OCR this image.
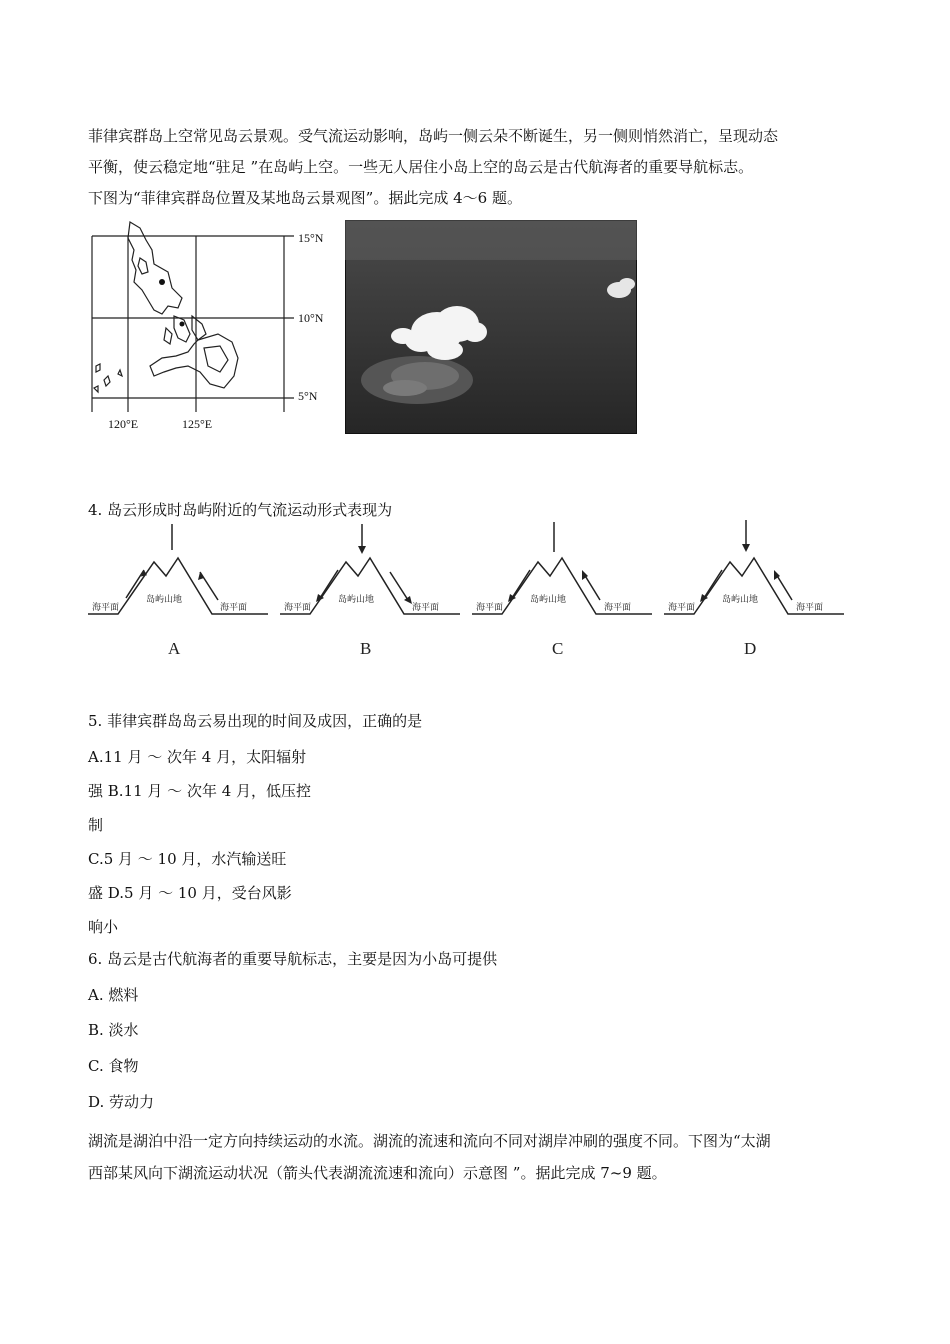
菲律宾群岛上空常见岛云景观。受气流运动影响，岛屿一侧云朵不断诞生，另一侧则悄然消亡，呈现动态
平衡，使云稳定地“驻足 ”在岛屿上空。一些无人居住小岛上空的岛云是古代航海者的重要导航标志。
下图为“菲律宾群岛位置及某地岛云景观图”。据此完成 4～6 题。
15°N
10°N
5°N
120°E	125°E
4. 岛云形成时岛屿附近的气流运动形式表现为
岛屿山地
海平面	海平面
A
岛屿山地
海平面	海平面
B
岛屿山地
海平面	海平面
C
岛屿山地
海平面	海平面
D
5. 菲律宾群岛岛云易出现的时间及成因，正确的是
A.11 月 ～ 次年 4 月，太阳辐射
强 B.11 月 ～ 次年 4 月，低压控
制
C.5 月 ～ 10 月，水汽输送旺
盛 D.5 月 ～ 10 月，受台风影
响小
6. 岛云是古代航海者的重要导航标志，主要是因为小岛可提供
A. 燃料
B. 淡水
C. 食物
D. 劳动力
湖流是湖泊中沿一定方向持续运动的水流。湖流的流速和流向不同对湖岸冲刷的强度不同。下图为“太湖
西部某风向下湖流运动状况（箭头代表湖流流速和流向）示意图 ”。据此完成 7~9 题。
